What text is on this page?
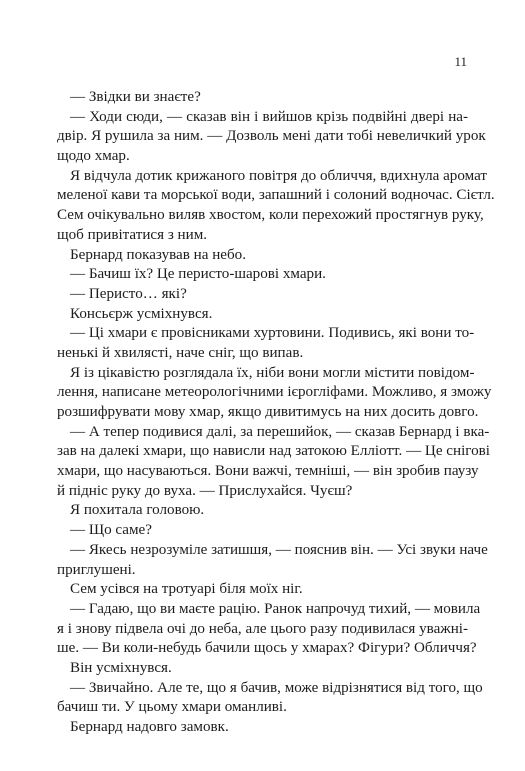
11
— Звідки ви знаєте?
— Ходи сюди, — сказав він і вийшов крізь подвійні двері на-
двір. Я рушила за ним. — Дозволь мені дати тобі невеличкий урок
щодо хмар.
Я відчула дотик крижаного повітря до обличчя, вдихнула аромат
меленої кави та морської води, запашний і солоний водночас. Сієтл.
Сем очікувально виляв хвостом, коли перехожий простягнув руку,
щоб привітатися з ним.
Бернард показував на небо.
— Бачиш їх? Це перисто-шарові хмари.
— Перисто… які?
Консьєрж усміхнувся.
— Ці хмари є провісниками хуртовини. Подивись, які вони то-
ненькі й хвилясті, наче сніг, що випав.
Я із цікавістю розглядала їх, ніби вони могли містити повідом-
лення, написане метеорологічними ієрогліфами. Можливо, я зможу
розшифрувати мову хмар, якщо дивитимусь на них досить довго.
— А тепер подивися далі, за перешийок, — сказав Бернард і вка-
зав на далекі хмари, що нависли над затокою Елліотт. — Це снігові
хмари, що насуваються. Вони важчі, темніші, — він зробив паузу
й підніс руку до вуха. — Прислухайся. Чуєш?
Я похитала головою.
— Що саме?
— Якесь незрозуміле затишшя, — пояснив він. — Усі звуки наче
приглушені.
Сем усівся на тротуарі біля моїх ніг.
— Гадаю, що ви маєте рацію. Ранок напрочуд тихий, — мовила
я і знову підвела очі до неба, але цього разу подивилася уважні-
ше. — Ви коли-небудь бачили щось у хмарах? Фігури? Обличчя?
Він усміхнувся.
— Звичайно. Але те, що я бачив, може відрізнятися від того, що
бачиш ти. У цьому хмари оманливі.
Бернард надовго замовк.
